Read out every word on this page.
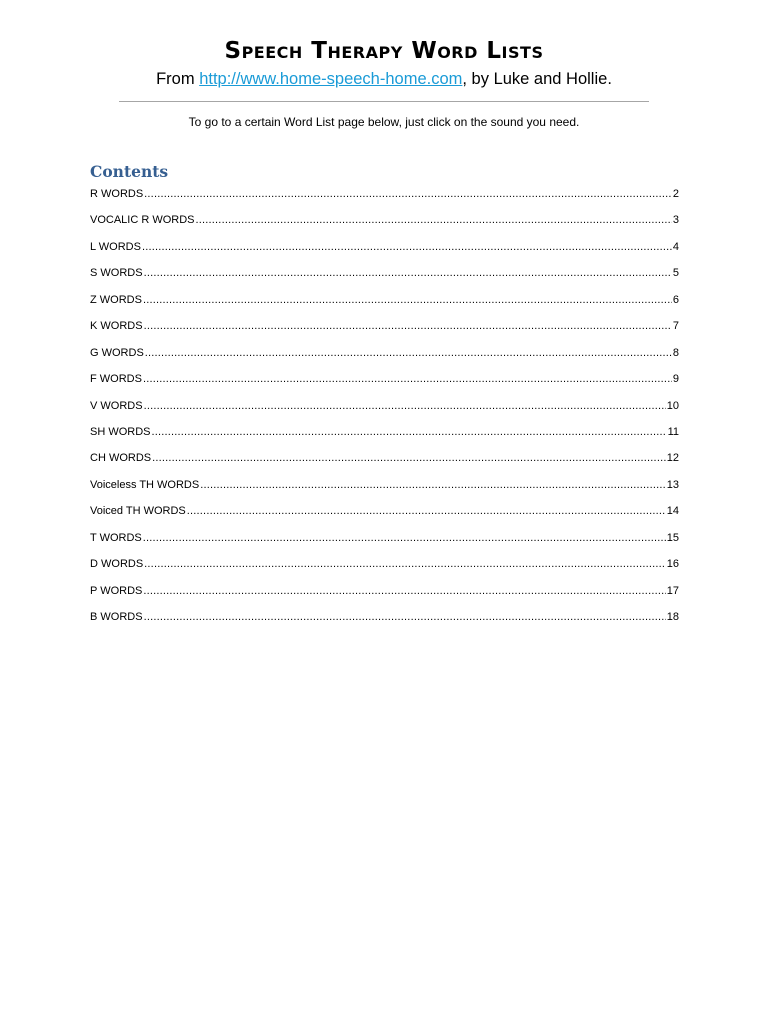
Speech Therapy Word Lists
From http://www.home-speech-home.com, by Luke and Hollie.
To go to a certain Word List page below, just click on the sound you need.
Contents
R WORDS .....	2
VOCALIC R WORDS .....	3
L WORDS .....	4
S WORDS .....	5
Z WORDS .....	6
K WORDS .....	7
G WORDS .....	8
F WORDS .....	9
V WORDS .....	10
SH WORDS .....	11
CH WORDS .....	12
Voiceless TH WORDS .....	13
Voiced TH WORDS .....	14
T WORDS .....	15
D WORDS .....	16
P WORDS .....	17
B WORDS .....	18
